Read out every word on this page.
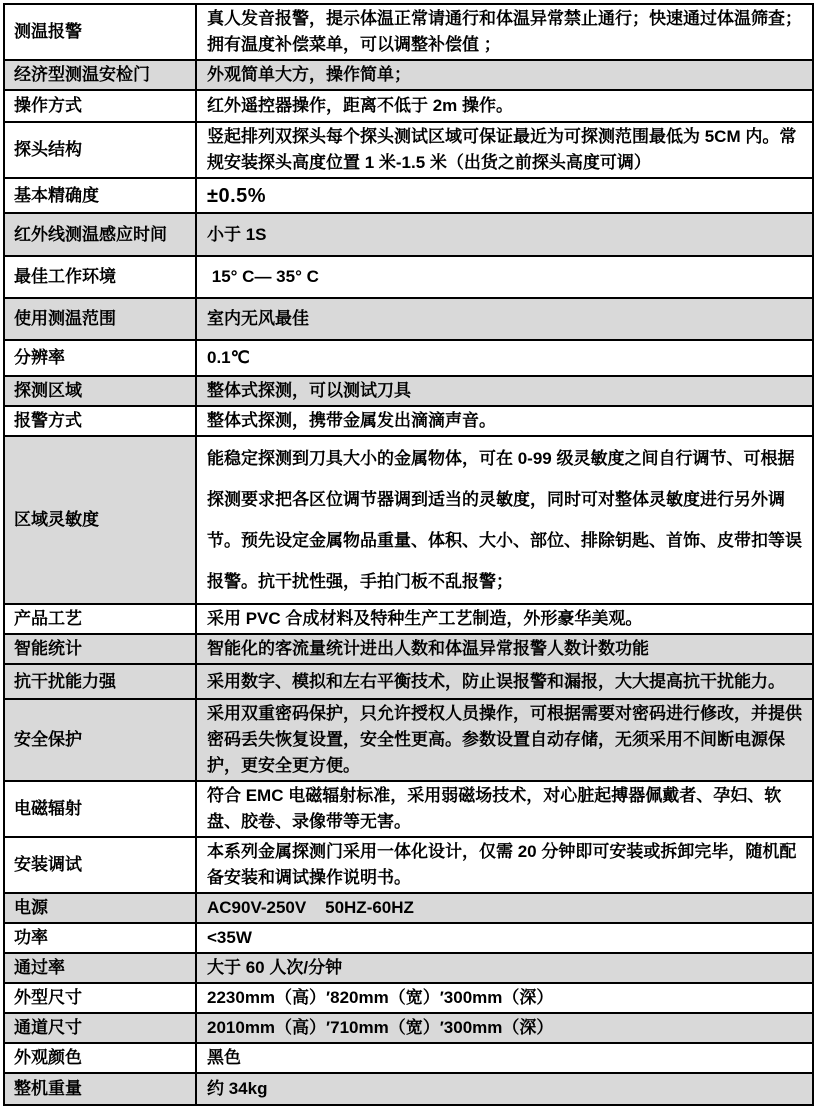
测温报警	真人发音报警，提示体温正常请通行和体温异常禁止通行；快速通过体温筛查；拥有温度补偿菜单，可以调整补偿值 ；
经济型测温安检门	外观简单大方，操作简单；
操作方式	红外遥控器操作，距离不低于 2m 操作。
探头结构	竖起排列双探头每个探头测试区域可保证最近为可探测范围最低为 5CM 内。常规安装探头高度位置 1 米-1.5 米（出货之前探头高度可调）
基本精确度	±0.5%
红外线测温感应时间	小于 1S
最佳工作环境	15° C— 35° C
使用测温范围	室内无风最佳
分辨率	0.1℃
探测区域	整体式探测，可以测试刀具
报警方式	整体式探测，携带金属发出滴滴声音。
区域灵敏度	能稳定探测到刀具大小的金属物体，可在 0-99 级灵敏度之间自行调节、可根据探测要求把各区位调节器调到适当的灵敏度，同时可对整体灵敏度进行另外调节。预先设定金属物品重量、体积、大小、部位、排除钥匙、首饰、皮带扣等误报警。抗干扰性强，手拍门板不乱报警；
产品工艺	采用 PVC 合成材料及特种生产工艺制造，外形豪华美观。
智能统计	智能化的客流量统计进出人数和体温异常报警人数计数功能
抗干扰能力强	采用数字、模拟和左右平衡技术，防止误报警和漏报，大大提高抗干扰能力。
安全保护	采用双重密码保护，只允许授权人员操作，可根据需要对密码进行修改，并提供密码丢失恢复设置，安全性更高。参数设置自动存储，无须采用不间断电源保护，更安全更方便。
电磁辐射	符合 EMC 电磁辐射标准，采用弱磁场技术，对心脏起搏器佩戴者、孕妇、软盘、胶卷、录像带等无害。
安装调试	本系列金属探测门采用一体化设计，仅需 20 分钟即可安装或拆卸完毕，随机配备安装和调试操作说明书。
电源	AC90V-250V    50HZ-60HZ
功率	<35W
通过率	大于 60 人次/分钟
外型尺寸	2230mm（高）′820mm（宽）′300mm（深）
通道尺寸	2010mm（高）′710mm（宽）′300mm（深）
外观颜色	黑色
整机重量	约 34kg
